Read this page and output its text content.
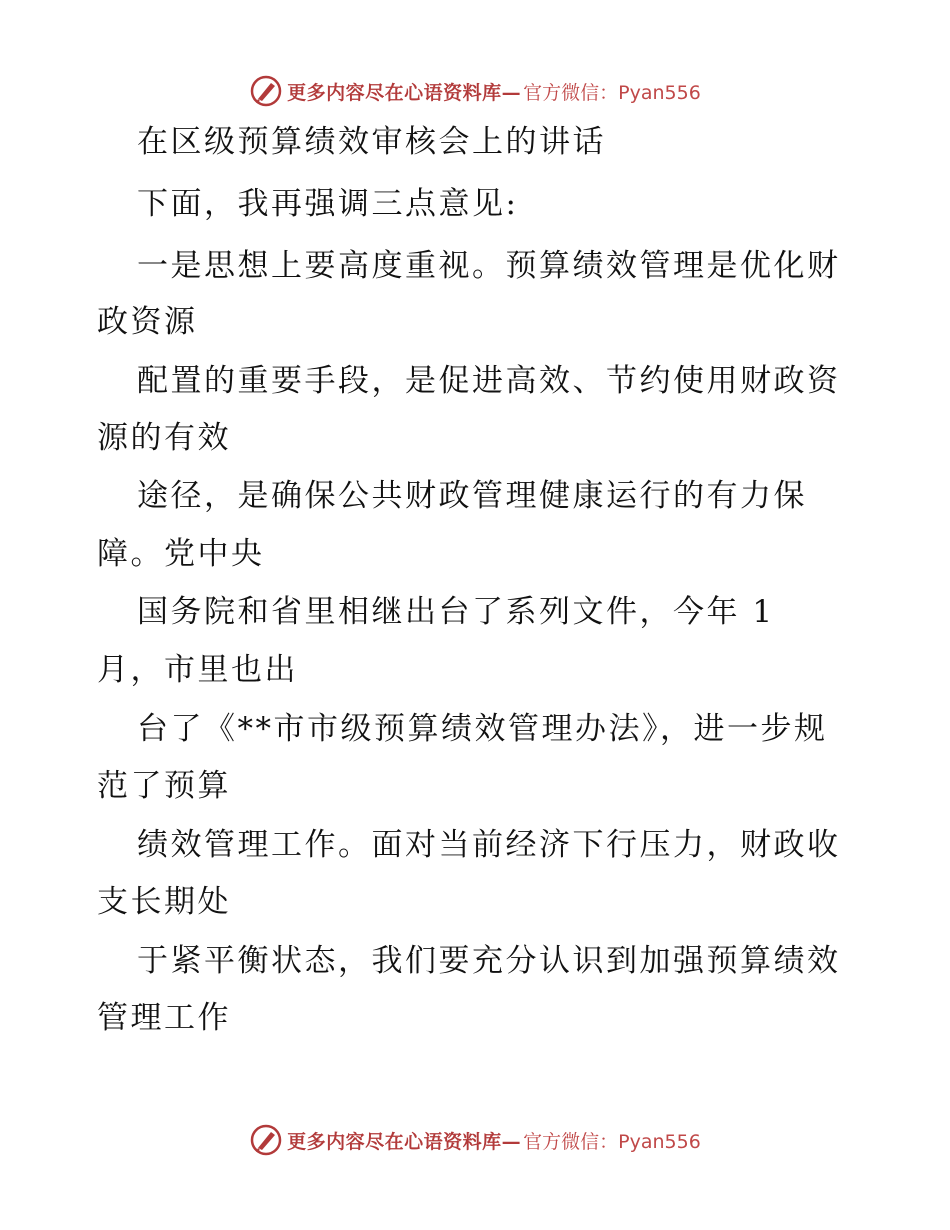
更多内容尽在心语资料库— 官方微信：Pyan556
在区级预算绩效审核会上的讲话
下面，我再强调三点意见:
一是思想上要高度重视。预算绩效管理是优化财
政资源
配置的重要手段，是促进高效、节约使用财政资
源的有效
途径，是确保公共财政管理健康运行的有力保
障。党中央
国务院和省里相继出台了系列文件，今年 1
月，市里也出
台了《**市市级预算绩效管理办法》，进一步规
范了预算
绩效管理工作。面对当前经济下行压力，财政收
支长期处
于紧平衡状态，我们要充分认识到加强预算绩效
管理工作
更多内容尽在心语资料库— 官方微信：Pyan556
